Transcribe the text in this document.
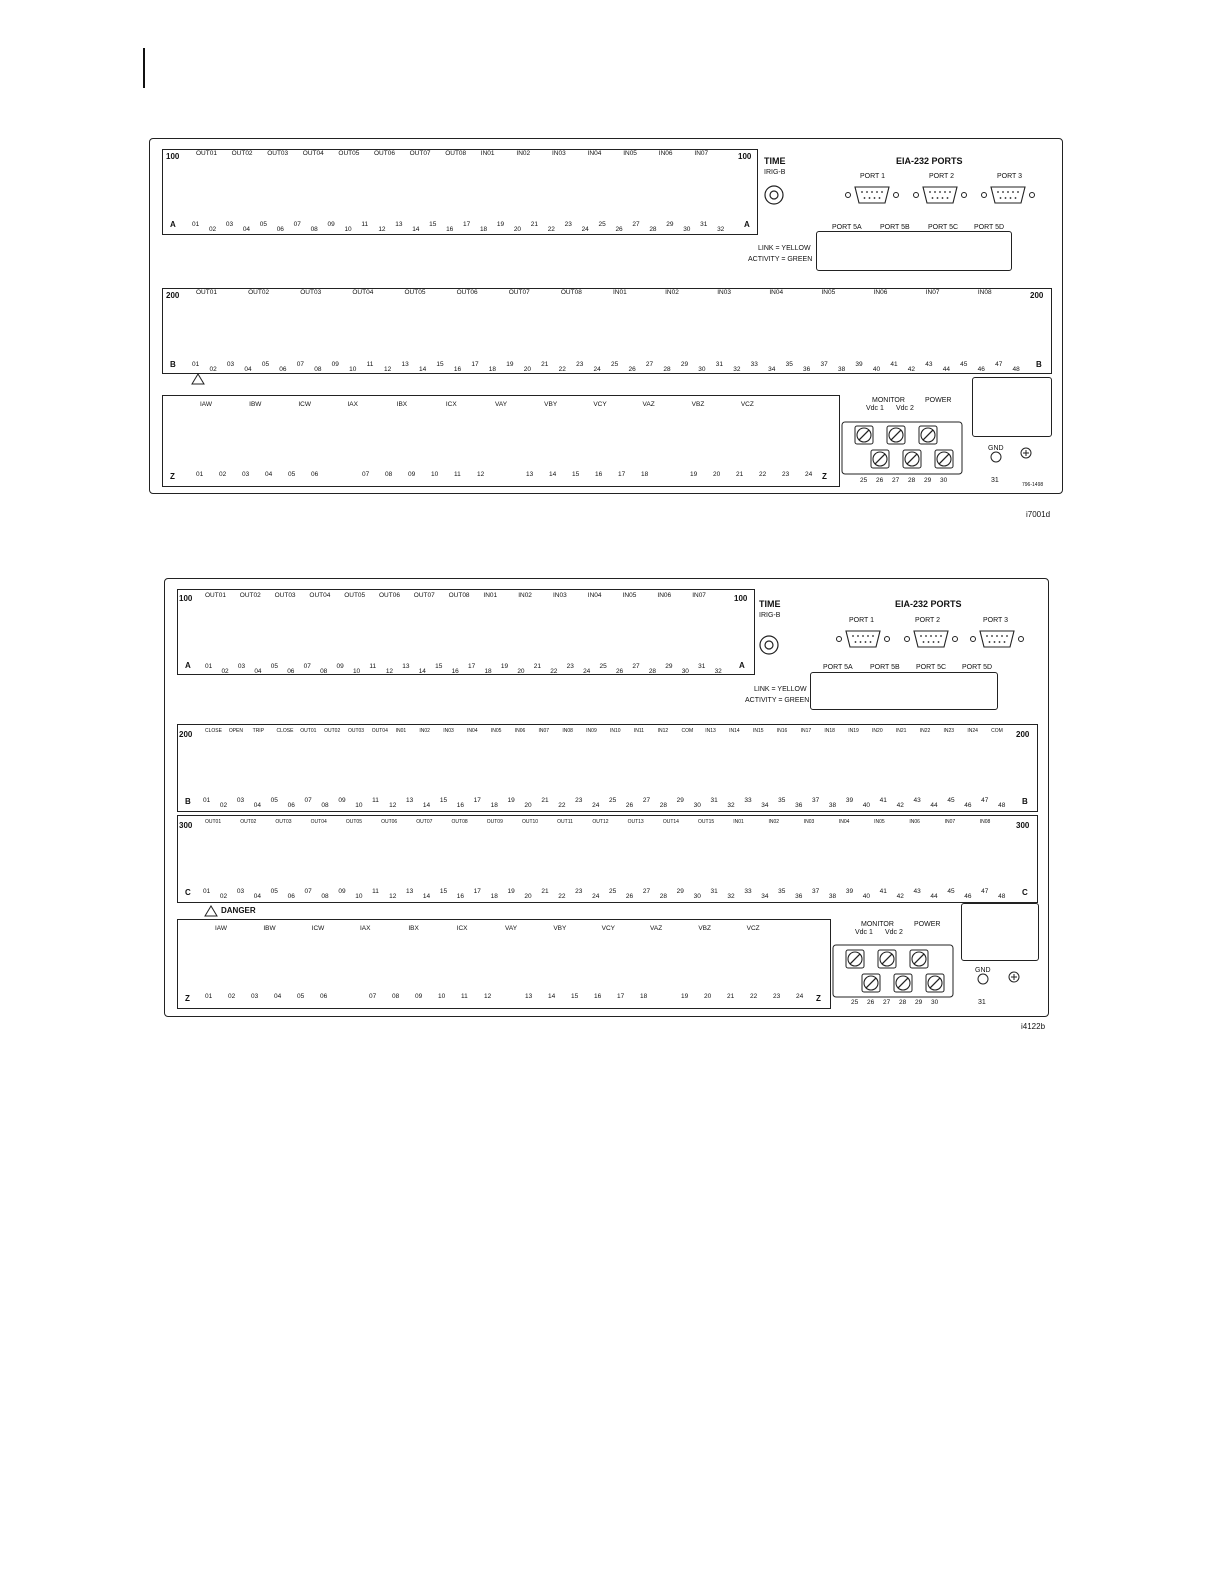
100	100
A	A
OUT01 OUT02 OUT03 OUT04 OUT05 OUT06 OUT07 OUT08 IN01	IN02	IN03	IN04	IN05	IN06	IN07
01	03	05	07	09	11	13	15	17	19	21	23	25	27	29	31
02	04	06	08	10	12	14	16	18	20	22	24	26	28	30	32
TIME
IRIG-B
EIA-232 PORTS
PORT 1	PORT 2	PORT 3
PORT 5A	PORT 5B	PORT 5C PORT 5D
LINK = YELLOW
ACTIVITY = GREEN
200	200
B	B
OUT01	OUT02	OUT03	OUT04	OUT05	OUT06	OUT07	OUT08	IN01	IN02	IN03	IN04	IN05	IN06	IN07	IN08
01	03	05	07	09	11	13	15	17	19	21	23	25	27	29	31	33	35	37	39	41	43	45	47
02	04	06	08	10	12	14	16	18	20	22	24	26	28	30	32	34	36	38	40	42	44	46	48
Z	Z
IAW	IBW	ICW	IAX	IBX	ICX	VAY	VBY	VCY	VAZ	VBZ	VCZ
01 02 03 04 05 06	07 08 09 10 11	12	13 14 15 16 17 18	19 20 21 22 23 24
MONITOR	POWER
Vdc 1 Vdc 2
25 26 27 28 29 30
GND
31
796-1498
i7001d
100	100
A	A
OUT01 OUT02 OUT03 OUT04 OUT05 OUT06 OUT07 OUT08 IN01	IN02	IN03	IN04	IN05	IN06	IN07
01	03	05	07	09	11	13	15	17	19	21	23	25	27	29	31
02	04	06	08	10	12	14	16	18	20	22	24	26	28	30	32
TIME
IRIG-B
EIA-232 PORTS
PORT 1	PORT 2	PORT 3
PORT 5A PORT 5B PORT 5C PORT 5D
LINK = YELLOW
ACTIVITY = GREEN
200	200
B	B
CLOSE OPEN TRIP CLOSE OUT01 OUT02 OUT03 OUT04 IN01	IN02	IN03	IN04	IN05	IN06	IN07	IN08	IN09	IN10	IN11	IN12	COM IN13	IN14	IN15	IN16	IN17	IN18	IN19	IN20	IN21	IN22	IN23	IN24	COM
01	03	05	07	09	11	13	15	17	19	21	23	25	27	29	31	33	35	37	39	41	43	45	47
02	04	06	08	10	12	14	16	18	20	22	24	26	28	30	32	34	36	38	40	42	44	46	48
300	300
C	C
OUT01	OUT02	OUT03	OUT04	OUT05	OUT06	OUT07	OUT08	OUT09	OUT10	OUT11	OUT12	OUT13	OUT14	OUT15	IN01	IN02	IN03	IN04	IN05	IN06	IN07	IN08
01	03	05	07	09	11	13	15	17	19	21	23	25	27	29	31	33	35	37	39	41	43	45	47
02	04	06	08	10	12	14	16	18	20	22	24	26	28	30	32	34	36	38	40	42	44	46	48
DANGER
Z	Z
IAW	IBW	ICW	IAX	IBX	ICX	VAY	VBY	VCY	VAZ	VBZ	VCZ
01 02 03 04 05 06	07 08 09 10 11	12	13 14 15 16 17 18	19 20 21 22 23 24
MONITOR	POWER
Vdc 1 Vdc 2
25 26 27 28 29 30
GND
31
i4122b
